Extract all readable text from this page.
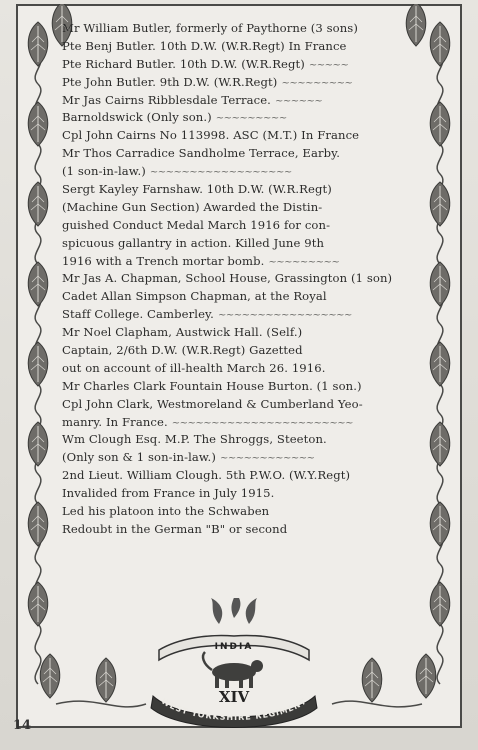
Mr William Butler, formerly of Paythorne (3 sons)
Pte Benj Butler. 10th D.W. (W.R.Regt) In France
Pte Richard Butler. 10th D.W. (W.R.Regt) ~~~~~
Pte John Butler. 9th D.W. (W.R.Regt) ~~~~~~~~~
Mr Jas Cairns Ribblesdale Terrace. ~~~~~~
Barnoldswick (Only son.) ~~~~~~~~~
Cpl John Cairns No 113998. ASC (M.T.) In France
Mr Thos Carradice Sandholme Terrace, Earby.
(1 son-in-law.) ~~~~~~~~~~~~~~~~~~
Sergt Kayley Farnshaw. 10th D.W. (W.R.Regt)
(Machine Gun Section) Awarded the Distin-
guished Conduct Medal March 1916 for con-
spicuous gallantry in action. Killed June 9th
1916 with a Trench mortar bomb. ~~~~~~~~~
Mr Jas A. Chapman, School House, Grassington (1 son)
Cadet Allan Simpson Chapman, at the Royal
Staff College. Camberley. ~~~~~~~~~~~~~~~~~
Mr Noel Clapham, Austwick Hall. (Self.)
Captain, 2/6th D.W. (W.R.Regt) Gazetted
out on account of ill-health March 26. 1916.
Mr Charles Clark Fountain House Burton. (1 son.)
Cpl John Clark, Westmoreland & Cumberland Yeo-
manry. In France. ~~~~~~~~~~~~~~~~~~~~~~~
Wm Clough Esq. M.P. The Shroggs, Steeton.
(Only son & 1 son-in-law.) ~~~~~~~~~~~~
2nd Lieut. William Clough. 5th P.W.O. (W.Y.Regt)
Invalided from France in July 1915.
Led his platoon into the Schwaben
Redoubt in the German "B" or second
INDIA
XIV
WEST YORKSHIRE REGIMENT
14
